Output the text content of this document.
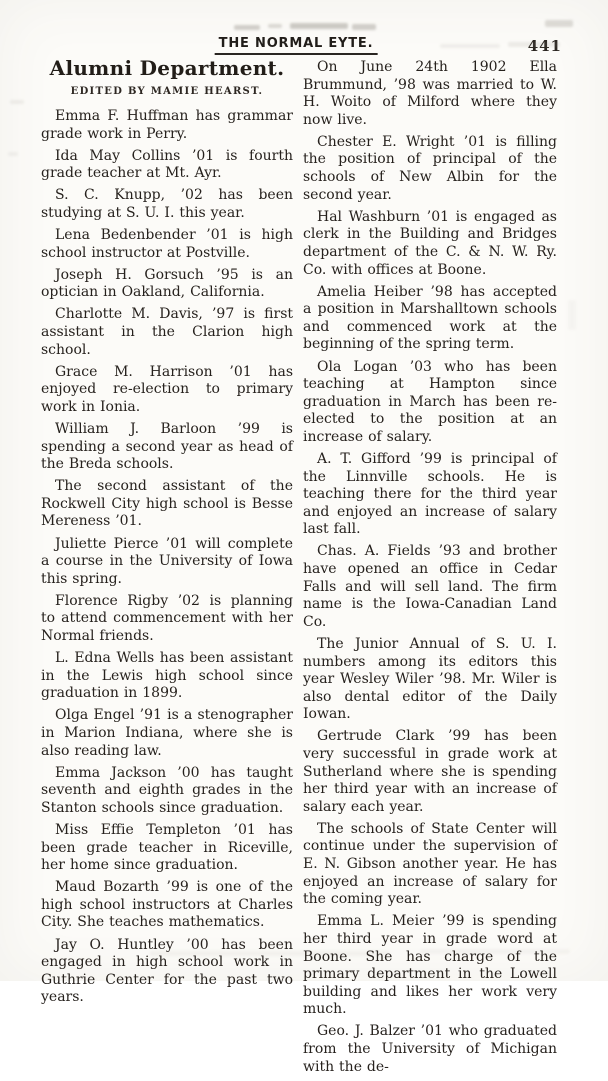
THE NORMAL EYTE.	441
Alumni Department.
EDITED BY MAMIE HEARST.

Emma F. Huffman has grammar grade work in Perry.

Ida May Collins ’01 is fourth grade teacher at Mt. Ayr.

S. C. Knupp, ’02 has been studying at S. U. I. this year.

Lena Bedenbender ’01 is high school instructor at Postville.

Joseph H. Gorsuch ’95 is an optician in Oakland, California.

Charlotte M. Davis, ’97 is first assistant in the Clarion high school.

Grace M. Harrison ’01 has enjoyed re-election to primary work in Ionia.

William J. Barloon ’99 is spending a second year as head of the Breda schools.

The second assistant of the Rockwell City high school is Besse Mereness ’01.

Juliette Pierce ’01 will complete a course in the University of Iowa this spring.

Florence Rigby ’02 is planning to attend commencement with her Normal friends.

L. Edna Wells has been assistant in the Lewis high school since graduation in 1899.

Olga Engel ’91 is a stenographer in Marion Indiana, where she is also reading law.

Emma Jackson ’00 has taught seventh and eighth grades in the Stanton schools since graduation.

Miss Effie Templeton ’01 has been grade teacher in Riceville, her home since graduation.

Maud Bozarth ’99 is one of the high school instructors at Charles City. She teaches mathematics.

Jay O. Huntley ’00 has been engaged in high school work in Guthrie Center for the past two years.

On June 24th 1902 Ella Brummund, ’98 was married to W. H. Woito of Milford where they now live.

Chester E. Wright ’01 is filling the position of principal of the schools of New Albin for the second year.

Hal Washburn ’01 is engaged as clerk in the Building and Bridges department of the C. & N. W. Ry. Co. with offices at Boone.

Amelia Heiber ’98 has accepted a position in Marshalltown schools and commenced work at the beginning of the spring term.

Ola Logan ’03 who has been teaching at Hampton since graduation in March has been re-elected to the position at an increase of salary.

A. T. Gifford ’99 is principal of the Linnville schools. He is teaching there for the third year and enjoyed an increase of salary last fall.

Chas. A. Fields ’93 and brother have opened an office in Cedar Falls and will sell land. The firm name is the Iowa-Canadian Land Co.

The Junior Annual of S. U. I. numbers among its editors this year Wesley Wiler ’98. Mr. Wiler is also dental editor of the Daily Iowan.

Gertrude Clark ’99 has been very successful in grade work at Sutherland where she is spending her third year with an increase of salary each year.

The schools of State Center will continue under the supervision of E. N. Gibson another year. He has enjoyed an increase of salary for the coming year.

Emma L. Meier ’99 is spending her third year in grade word at Boone. She has charge of the primary department in the Lowell building and likes her work very much.

Geo. J. Balzer ’01 who graduated from the University of Michigan with the de-
